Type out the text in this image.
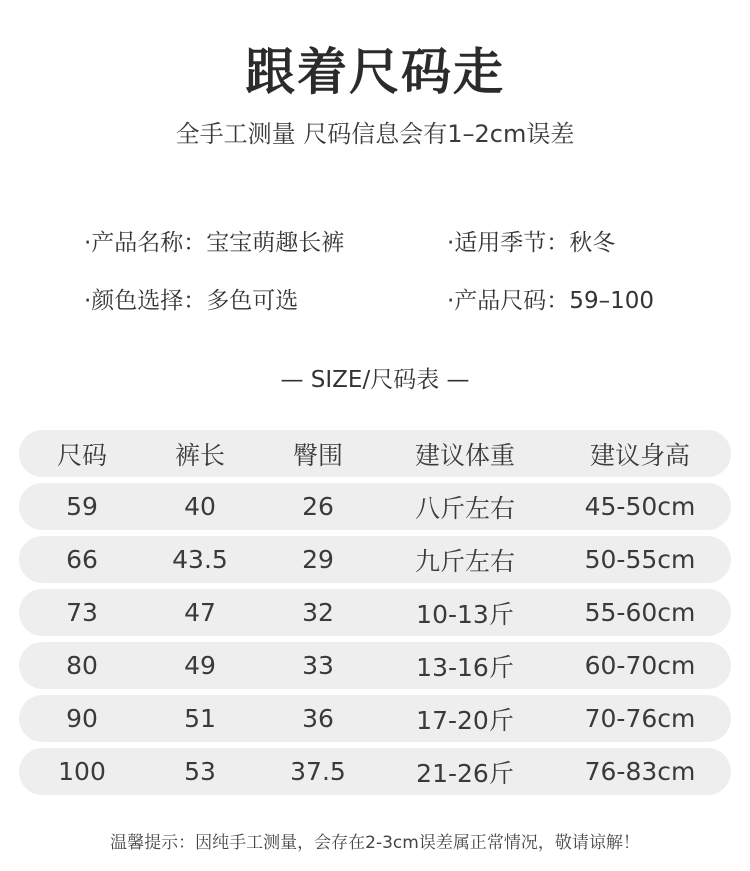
跟着尺码走
全手工测量 尺码信息会有1–2cm误差
·产品名称：宝宝萌趣长裤	·适用季节：秋冬
·颜色选择：多色可选	·产品尺码：59–100
— SIZE/尺码表 —
尺码	裤长	臀围	建议体重	建议身高
59	40	26	八斤左右	45-50cm
66	43.5	29	九斤左右	50-55cm
73	47	32	10-13斤	55-60cm
80	49	33	13-16斤	60-70cm
90	51	36	17-20斤	70-76cm
100	53	37.5	21-26斤	76-83cm
温馨提示：因纯手工测量，会存在2-3cm误差属正常情况，敬请谅解！
